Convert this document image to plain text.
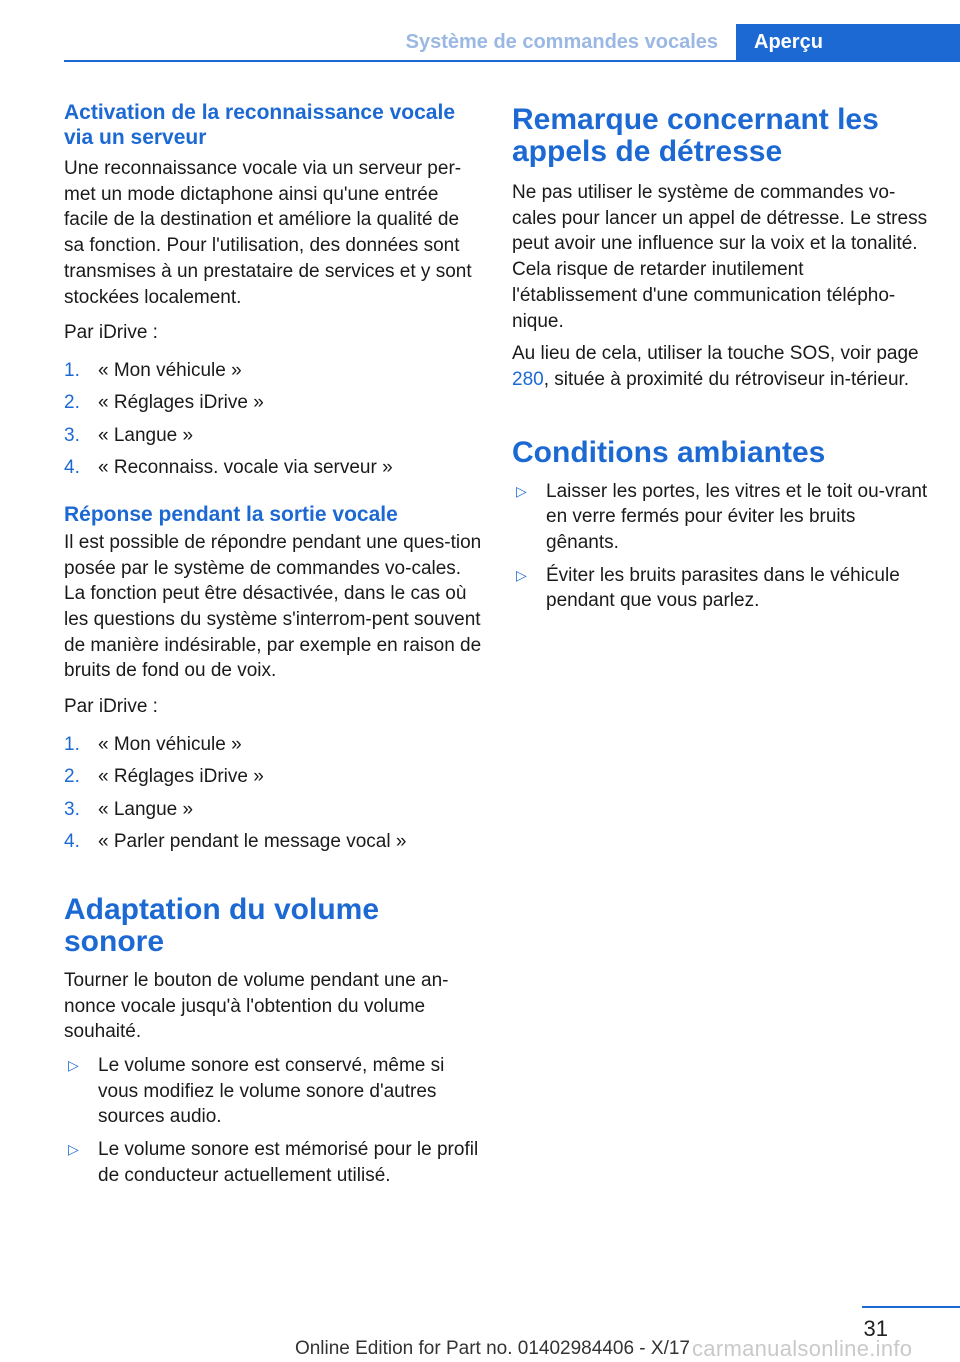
Système de commandes vocales Aperçu
Activation de la reconnaissance vocale via un serveur

Une reconnaissance vocale via un serveur per‐met un mode dictaphone ainsi qu'une entrée facile de la destination et améliore la qualité de sa fonction. Pour l'utilisation, des données sont transmises à un prestataire de services et y sont stockées localement.

Par iDrive :

1. « Mon véhicule »
2. « Réglages iDrive »
3. « Langue »
4. « Reconnaiss. vocale via serveur »
Réponse pendant la sortie vocale

Il est possible de répondre pendant une ques‐tion posée par le système de commandes vo‐cales. La fonction peut être désactivée, dans le cas où les questions du système s'interrom‐pent souvent de manière indésirable, par exemple en raison de bruits de fond ou de voix.

Par iDrive :

1. « Mon véhicule »
2. « Réglages iDrive »
3. « Langue »
4. « Parler pendant le message vocal »
Adaptation du volume sonore

Tourner le bouton de volume pendant une an‐nonce vocale jusqu'à l'obtention du volume souhaité.

▷ Le volume sonore est conservé, même si vous modifiez le volume sonore d'autres sources audio.
▷ Le volume sonore est mémorisé pour le profil de conducteur actuellement utilisé.
Remarque concernant les appels de détresse

Ne pas utiliser le système de commandes vo‐cales pour lancer un appel de détresse. Le stress peut avoir une influence sur la voix et la tonalité. Cela risque de retarder inutilement l'établissement d'une communication télépho‐nique.

Au lieu de cela, utiliser la touche SOS, voir page 280, située à proximité du rétroviseur in‐térieur.

Conditions ambiantes
▷ Laisser les portes, les vitres et le toit ou‐vrant en verre fermés pour éviter les bruits gênants.
▷ Éviter les bruits parasites dans le véhicule pendant que vous parlez.
31
carmanualsonline.info
Online Edition for Part no. 01402984406 - X/17
